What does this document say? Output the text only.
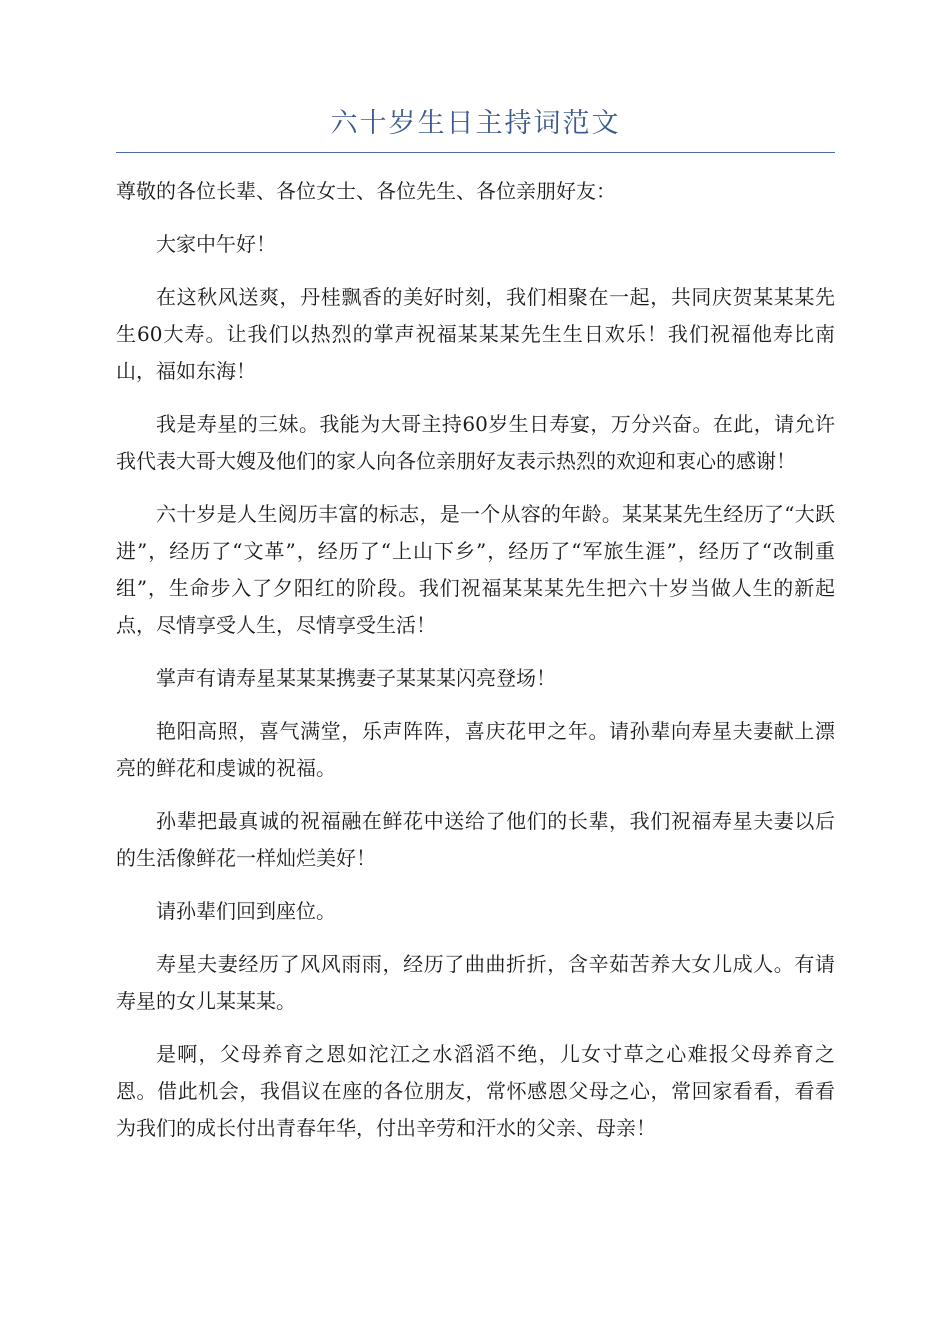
六十岁生日主持词范文

尊敬的各位长辈、各位女士、各位先生、各位亲朋好友：

大家中午好！

在这秋风送爽，丹桂飘香的美好时刻，我们相聚在一起，共同庆贺某某某先生60大寿。让我们以热烈的掌声祝福某某某先生生日欢乐！我们祝福他寿比南山，福如东海！

我是寿星的三妹。我能为大哥主持60岁生日寿宴，万分兴奋。在此，请允许我代表大哥大嫂及他们的家人向各位亲朋好友表示热烈的欢迎和衷心的感谢！

六十岁是人生阅历丰富的标志，是一个从容的年龄。某某某先生经历了“大跃进”，经历了“文革”，经历了“上山下乡”，经历了“军旅生涯”，经历了“改制重组”，生命步入了夕阳红的阶段。我们祝福某某某先生把六十岁当做人生的新起点，尽情享受人生，尽情享受生活！

掌声有请寿星某某某携妻子某某某闪亮登场！

艳阳高照，喜气满堂，乐声阵阵，喜庆花甲之年。请孙辈向寿星夫妻献上漂亮的鲜花和虔诚的祝福。

孙辈把最真诚的祝福融在鲜花中送给了他们的长辈，我们祝福寿星夫妻以后的生活像鲜花一样灿烂美好！

请孙辈们回到座位。

寿星夫妻经历了风风雨雨，经历了曲曲折折，含辛茹苦养大女儿成人。有请寿星的女儿某某某。

是啊，父母养育之恩如沱江之水滔滔不绝，儿女寸草之心难报父母养育之恩。借此机会，我倡议在座的各位朋友，常怀感恩父母之心，常回家看看，看看为我们的成长付出青春年华，付出辛劳和汗水的父亲、母亲！
